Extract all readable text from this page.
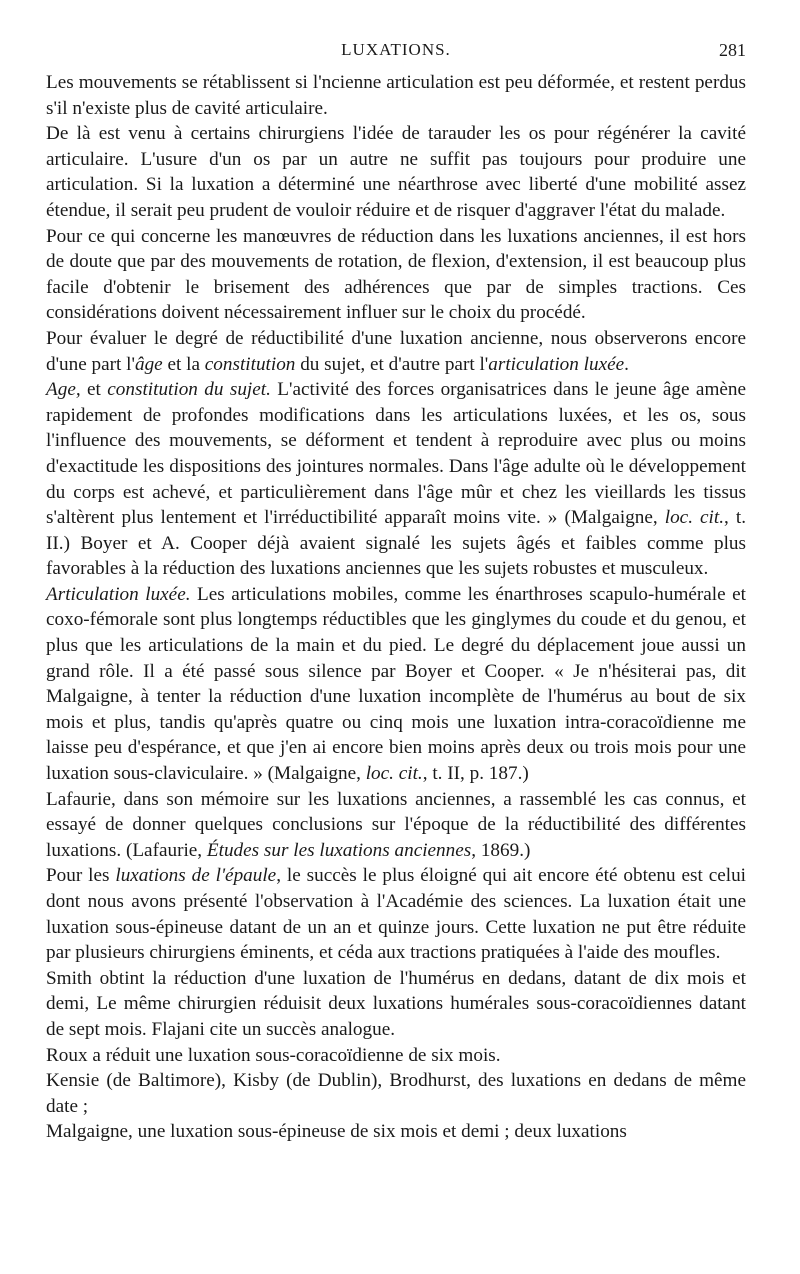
LUXATIONS.	281

Les mouvements se rétablissent si l'ncienne articulation est peu déformée, et restent perdus s'il n'existe plus de cavité articulaire.

De là est venu à certains chirurgiens l'idée de tarauder les os pour régénérer la cavité articulaire. L'usure d'un os par un autre ne suffit pas toujours pour produire une articulation. Si la luxation a déterminé une néarthrose avec liberté d'une mobilité assez étendue, il serait peu prudent de vouloir réduire et de risquer d'aggraver l'état du malade.

Pour ce qui concerne les manœuvres de réduction dans les luxations anciennes, il est hors de doute que par des mouvements de rotation, de flexion, d'extension, il est beaucoup plus facile d'obtenir le brisement des adhérences que par de simples tractions. Ces considérations doivent nécessairement influer sur le choix du procédé.

Pour évaluer le degré de réductibilité d'une luxation ancienne, nous observerons encore d'une part l'âge et la constitution du sujet, et d'autre part l'articulation luxée.

Age, et constitution du sujet. L'activité des forces organisatrices dans le jeune âge amène rapidement de profondes modifications dans les articulations luxées, et les os, sous l'influence des mouvements, se déforment et tendent à reproduire avec plus ou moins d'exactitude les dispositions des jointures normales. Dans l'âge adulte où le développement du corps est achevé, et particulièrement dans l'âge mûr et chez les vieillards les tissus s'altèrent plus lentement et l'irréductibilité apparaît moins vite. » (Malgaigne, loc. cit., t. II.) Boyer et A. Cooper déjà avaient signalé les sujets âgés et faibles comme plus favorables à la réduction des luxations anciennes que les sujets robustes et musculeux.

Articulation luxée. Les articulations mobiles, comme les énarthroses scapulo-humérale et coxo-fémorale sont plus longtemps réductibles que les ginglymes du coude et du genou, et plus que les articulations de la main et du pied. Le degré du déplacement joue aussi un grand rôle. Il a été passé sous silence par Boyer et Cooper. « Je n'hésiterai pas, dit Malgaigne, à tenter la réduction d'une luxation incomplète de l'humérus au bout de six mois et plus, tandis qu'après quatre ou cinq mois une luxation intra-coracoïdienne me laisse peu d'espérance, et que j'en ai encore bien moins après deux ou trois mois pour une luxation sous-claviculaire. » (Malgaigne, loc. cit., t. II, p. 187.)

Lafaurie, dans son mémoire sur les luxations anciennes, a rassemblé les cas connus, et essayé de donner quelques conclusions sur l'époque de la réductibilité des différentes luxations. (Lafaurie, Études sur les luxations anciennes, 1869.)

Pour les luxations de l'épaule, le succès le plus éloigné qui ait encore été obtenu est celui dont nous avons présenté l'observation à l'Académie des sciences. La luxation était une luxation sous-épineuse datant de un an et quinze jours. Cette luxation ne put être réduite par plusieurs chirurgiens éminents, et céda aux tractions pratiquées à l'aide des moufles.

Smith obtint la réduction d'une luxation de l'humérus en dedans, datant de dix mois et demi, Le même chirurgien réduisit deux luxations humérales sous-coracoïdiennes datant de sept mois. Flajani cite un succès analogue.

Roux a réduit une luxation sous-coracoïdienne de six mois.

Kensie (de Baltimore), Kisby (de Dublin), Brodhurst, des luxations en dedans de même date ;

Malgaigne, une luxation sous-épineuse de six mois et demi ; deux luxations
